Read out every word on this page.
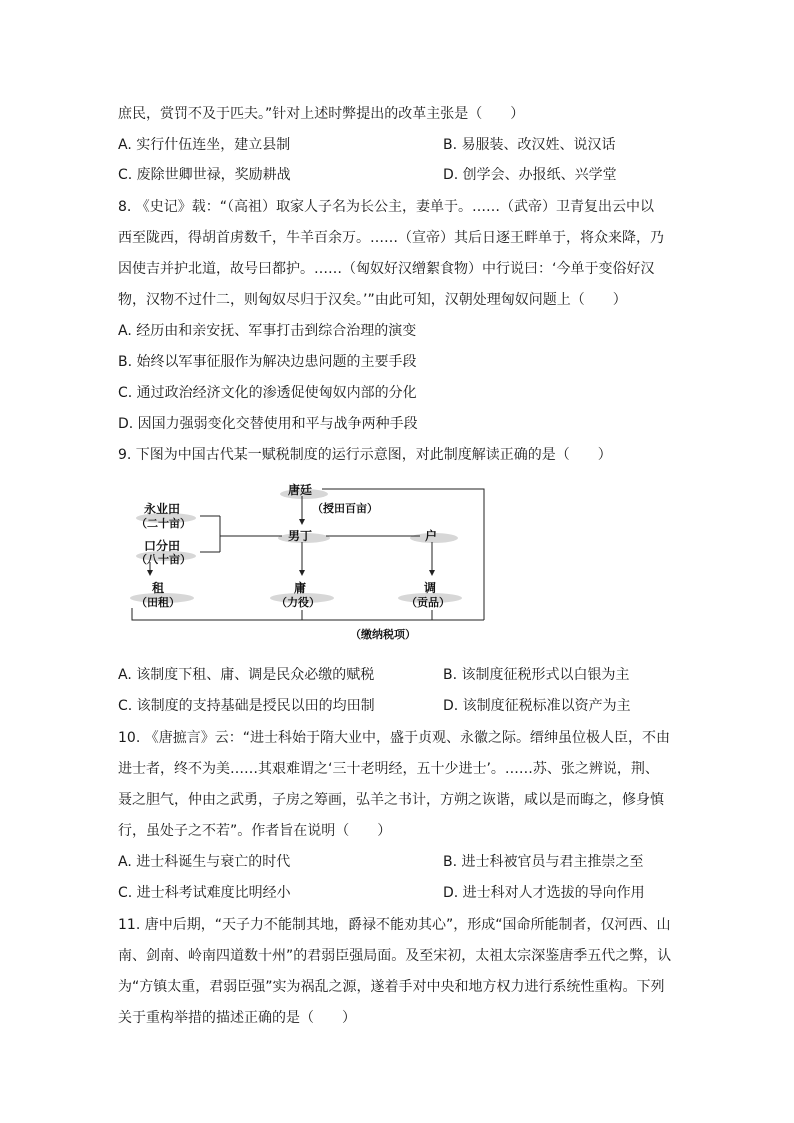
庶民，赏罚不及于匹夫。”针对上述时弊提出的改革主张是（　　）
A. 实行什伍连坐，建立县制	B. 易服装、改汉姓、说汉话
C. 废除世卿世禄，奖励耕战	D. 创学会、办报纸、兴学堂
8. 《史记》载：“（高祖）取家人子名为长公主，妻单于。……（武帝）卫青复出云中以
西至陇西，得胡首虏数千，牛羊百余万。……（宣帝）其后日逐王畔单于，将众来降，乃
因使吉并护北道，故号曰都护。……（匈奴好汉缯絮食物）中行说曰：‘今单于变俗好汉
物，汉物不过什二，则匈奴尽归于汉矣。’”由此可知，汉朝处理匈奴问题上（　　）
A. 经历由和亲安抚、军事打击到综合治理的演变
B. 始终以军事征服作为解决边患问题的主要手段
C. 通过政治经济文化的渗透促使匈奴内部的分化
D. 因国力强弱变化交替使用和平与战争两种手段
9. 下图为中国古代某一赋税制度的运行示意图，对此制度解读正确的是（　　）
唐廷
（授田百亩）
永业田
（二十亩）
口分田
（八十亩）
男丁	户
租
（田租）
庸
（力役）
调
（贡品）
（缴纳税项）
A. 该制度下租、庸、调是民众必缴的赋税	B. 该制度征税形式以白银为主
C. 该制度的支持基础是授民以田的均田制	D. 该制度征税标准以资产为主
10. 《唐摭言》云：“进士科始于隋大业中，盛于贞观、永徽之际。缙绅虽位极人臣，不由
进士者，终不为美……其艰难谓之‘三十老明经，五十少进士’。……苏、张之辨说，荆、
聂之胆气，仲由之武勇，子房之筹画，弘羊之书计，方朔之诙谐，咸以是而晦之，修身慎
行，虽处子之不若”。作者旨在说明（　　）
A. 进士科诞生与衰亡的时代	B. 进士科被官员与君主推崇之至
C. 进士科考试难度比明经小	D. 进士科对人才选拔的导向作用
11. 唐中后期，“天子力不能制其地，爵禄不能劝其心”，形成“国命所能制者，仅河西、山
南、剑南、岭南四道数十州”的君弱臣强局面。及至宋初，太祖太宗深鉴唐季五代之弊，认
为“方镇太重，君弱臣强”实为祸乱之源，遂着手对中央和地方权力进行系统性重构。下列
关于重构举措的描述正确的是（　　）
